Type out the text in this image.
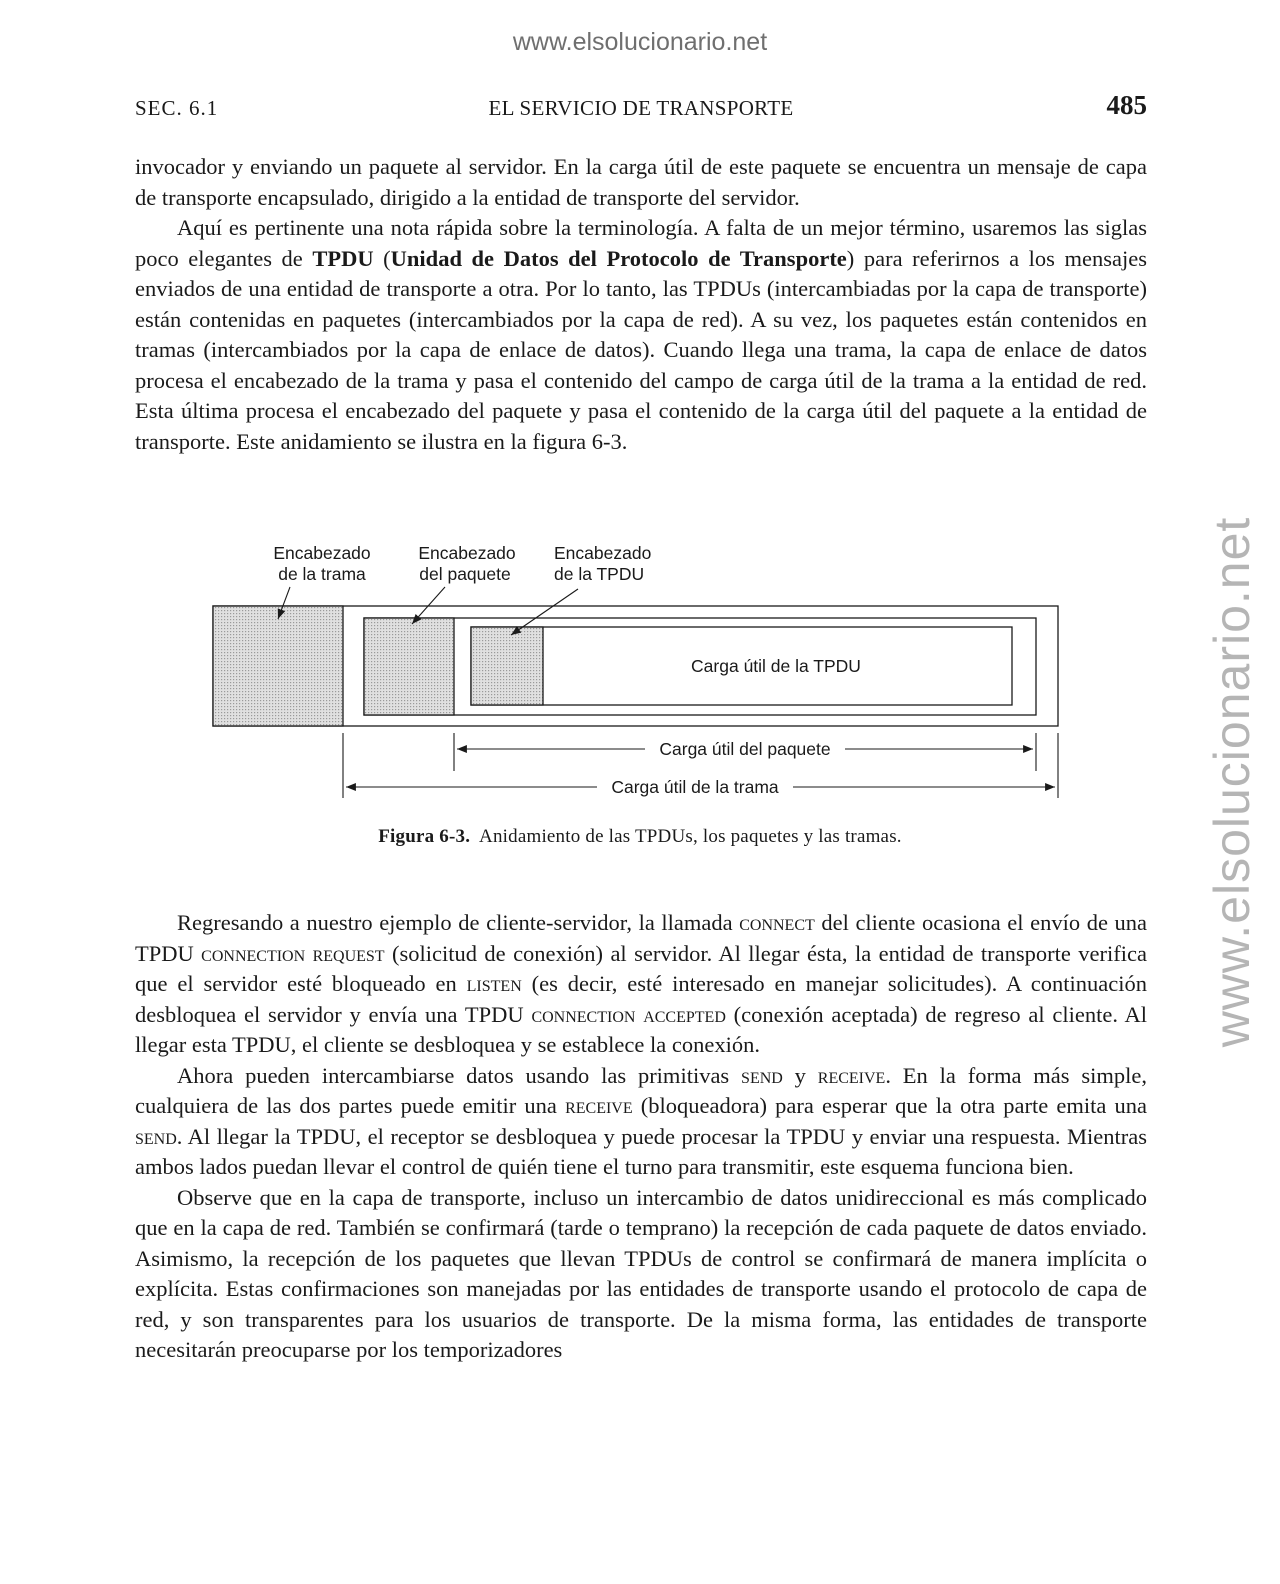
www.elsolucionario.net
www.elsolucionario.net
SEC. 6.1	EL SERVICIO DE TRANSPORTE	485

invocador y enviando un paquete al servidor. En la carga útil de este paquete se encuentra un mensaje de capa de transporte encapsulado, dirigido a la entidad de transporte del servidor.

Aquí es pertinente una nota rápida sobre la terminología. A falta de un mejor término, usaremos las siglas poco elegantes de TPDU (Unidad de Datos del Protocolo de Transporte) para referirnos a los mensajes enviados de una entidad de transporte a otra. Por lo tanto, las TPDUs (intercambiadas por la capa de transporte) están contenidas en paquetes (intercambiados por la capa de red). A su vez, los paquetes están contenidos en tramas (intercambiados por la capa de enlace de datos). Cuando llega una trama, la capa de enlace de datos procesa el encabezado de la trama y pasa el contenido del campo de carga útil de la trama a la entidad de red. Esta última procesa el encabezado del paquete y pasa el contenido de la carga útil del paquete a la entidad de transporte. Este anidamiento se ilustra en la figura 6-3.

Encabezado
de la trama
Encabezado
del paquete
Encabezado
de la TPDU
Carga útil de la TPDU
Carga útil del paquete
Carga útil de la trama
Figura 6-3. Anidamiento de las TPDUs, los paquetes y las tramas.

Regresando a nuestro ejemplo de cliente-servidor, la llamada connect del cliente ocasiona el envío de una TPDU connection request (solicitud de conexión) al servidor. Al llegar ésta, la entidad de transporte verifica que el servidor esté bloqueado en listen (es decir, esté interesado en manejar solicitudes). A continuación desbloquea el servidor y envía una TPDU connection accepted (conexión aceptada) de regreso al cliente. Al llegar esta TPDU, el cliente se desbloquea y se establece la conexión.

Ahora pueden intercambiarse datos usando las primitivas send y receive. En la forma más simple, cualquiera de las dos partes puede emitir una receive (bloqueadora) para esperar que la otra parte emita una send. Al llegar la TPDU, el receptor se desbloquea y puede procesar la TPDU y enviar una respuesta. Mientras ambos lados puedan llevar el control de quién tiene el turno para transmitir, este esquema funciona bien.

Observe que en la capa de transporte, incluso un intercambio de datos unidireccional es más complicado que en la capa de red. También se confirmará (tarde o temprano) la recepción de cada paquete de datos enviado. Asimismo, la recepción de los paquetes que llevan TPDUs de control se confirmará de manera implícita o explícita. Estas confirmaciones son manejadas por las entidades de transporte usando el protocolo de capa de red, y son transparentes para los usuarios de transporte. De la misma forma, las entidades de transporte necesitarán preocuparse por los temporizadores
